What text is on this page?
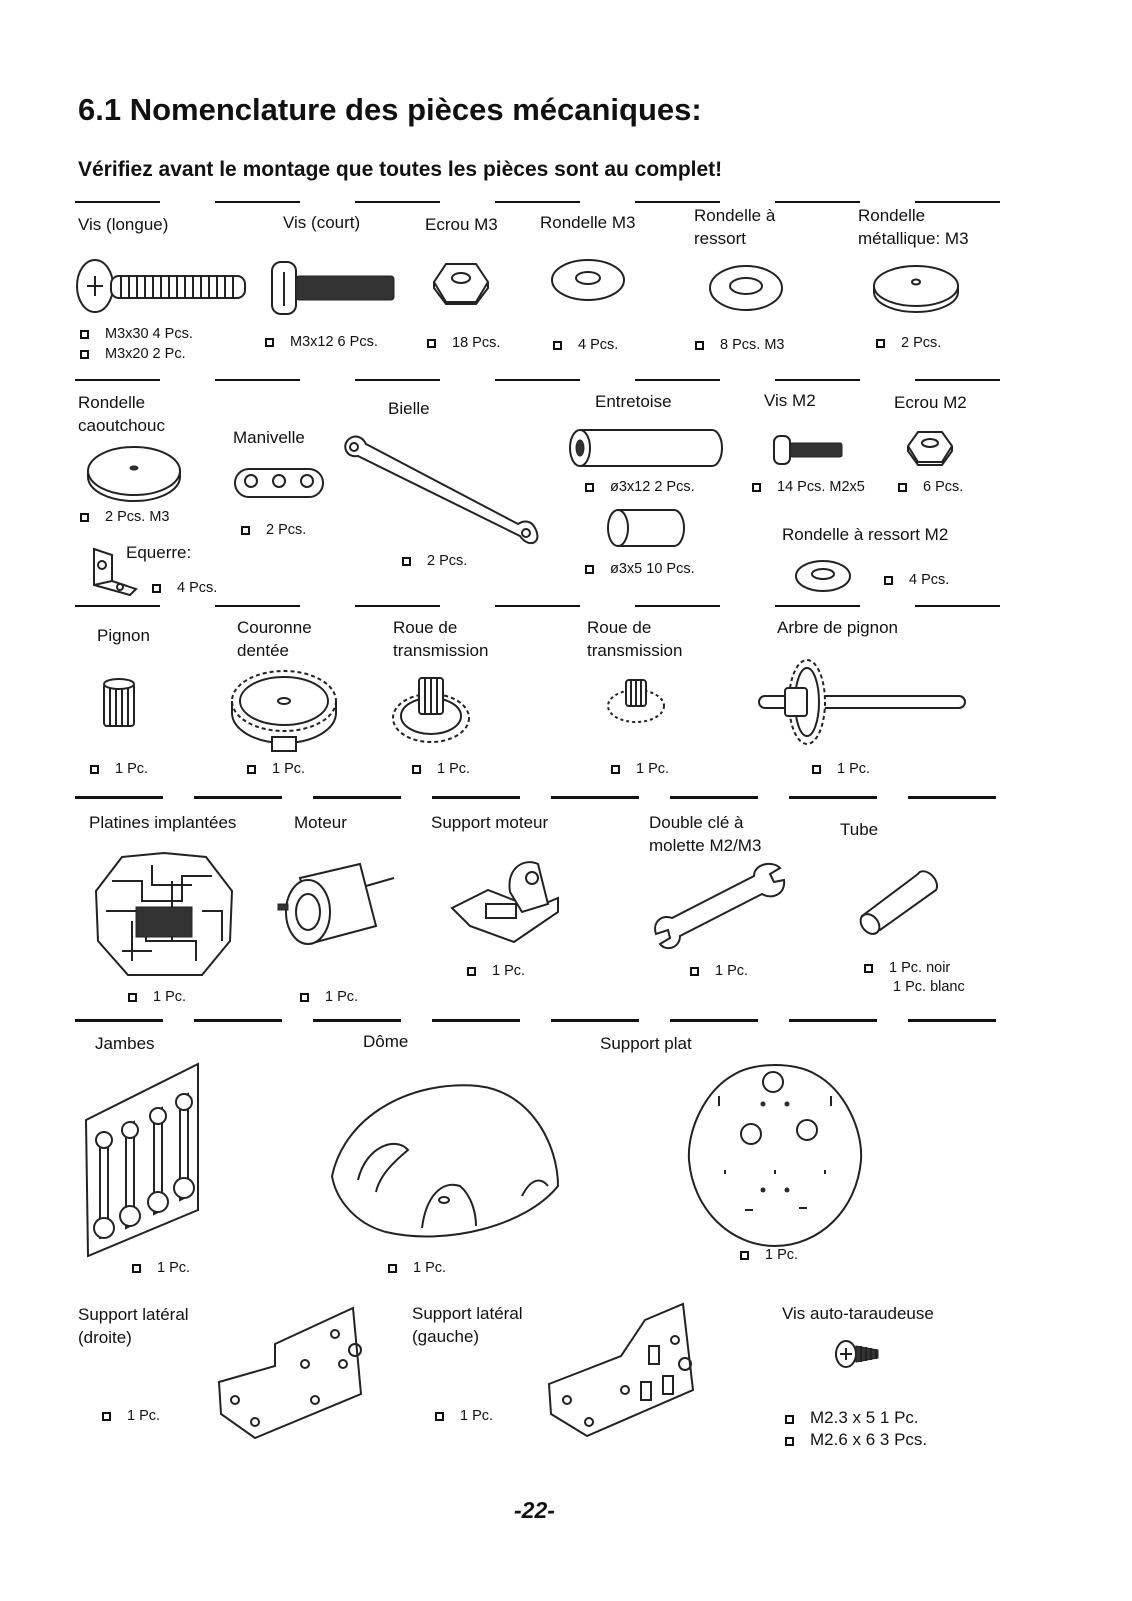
6.1 Nomenclature des pièces mécaniques:
Vérifiez avant le montage que toutes les pièces sont au complet!
Vis (longue)
M3x30 4 Pcs.
M3x20 2 Pc.
Vis (court)
M3x12 6 Pcs.
Ecrou M3
18 Pcs.
Rondelle M3
4 Pcs.
Rondelle à
ressort
8 Pcs. M3
Rondelle
métallique: M3
2 Pcs.
Rondelle
caoutchouc
2 Pcs. M3
Manivelle
2 Pcs.
Bielle
2 Pcs.
Entretoise
ø3x12 2 Pcs.
ø3x5 10 Pcs.
Vis M2
14 Pcs. M2x5
Ecrou M2
6 Pcs.
Equerre:
4 Pcs.
Rondelle à ressort M2
4 Pcs.
Pignon
1 Pc.
Couronne
dentée
1 Pc.
Roue de
transmission
1 Pc.
Roue de
transmission
1 Pc.
Arbre de pignon
1 Pc.
Platines implantées
1 Pc.
Moteur
1 Pc.
Support moteur
1 Pc.
Double clé à
molette M2/M3
1 Pc.
Tube
1 Pc. noir
1 Pc. blanc
Jambes
1 Pc.
Dôme
1 Pc.
Support plat
1 Pc.
Support latéral
(droite)
1 Pc.
Support latéral
(gauche)
1 Pc.
Vis auto-taraudeuse
M2.3 x 5 1 Pc.
M2.6 x 6 3 Pcs.
-22-
